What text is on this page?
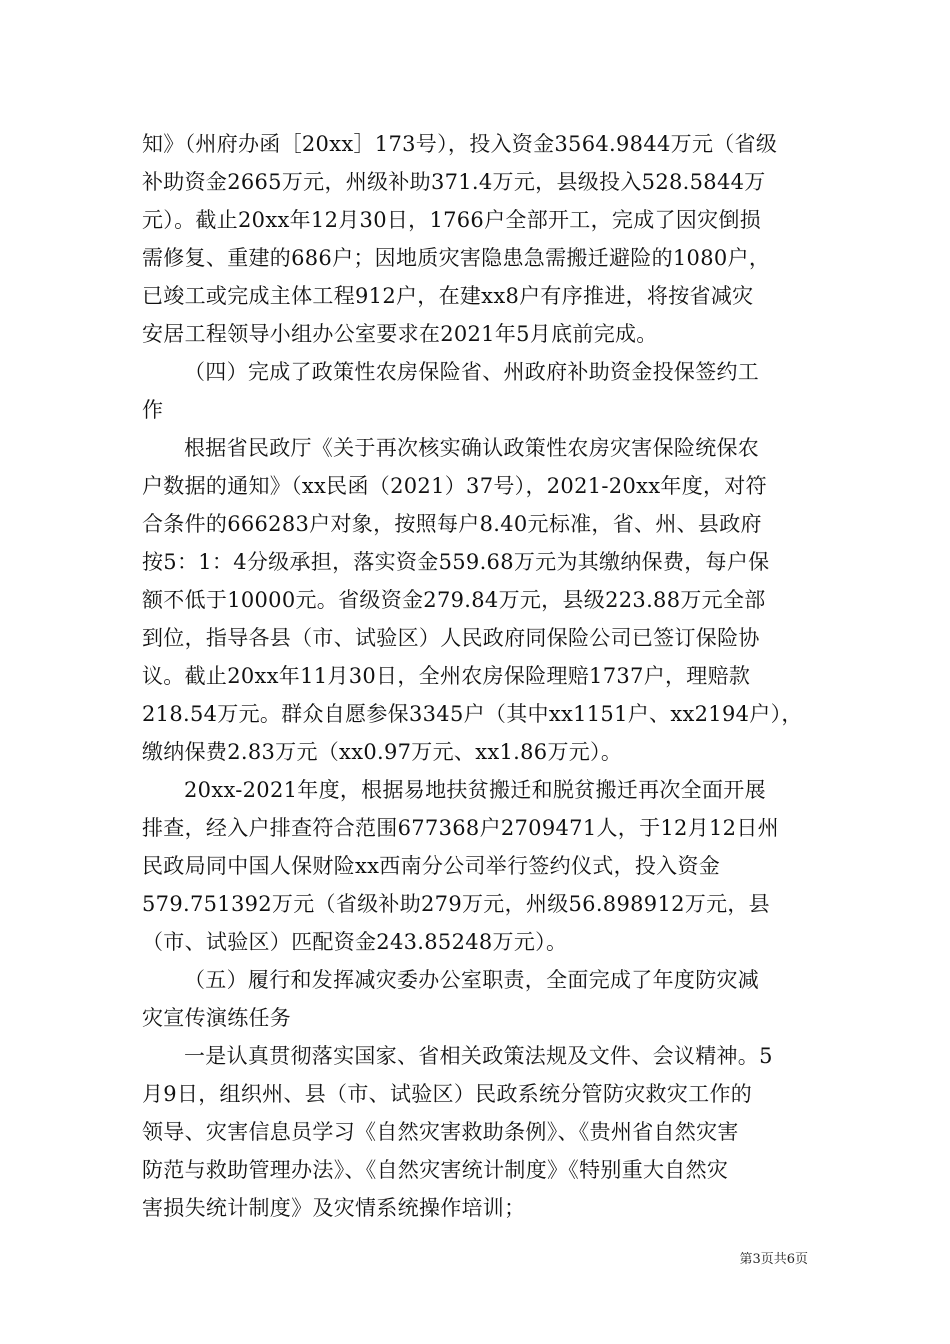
知》（州府办函［20xx］173号），投入资金3564.9844万元（省级
补助资金2665万元，州级补助371.4万元，县级投入528.5844万
元）。截止20xx年12月30日，1766户全部开工，完成了因灾倒损
需修复、重建的686户；因地质灾害隐患急需搬迁避险的1080户，
已竣工或完成主体工程912户，在建xx8户有序推进，将按省减灾
安居工程领导小组办公室要求在2021年5月底前完成。
（四）完成了政策性农房保险省、州政府补助资金投保签约工
作
根据省民政厅《关于再次核实确认政策性农房灾害保险统保农
户数据的通知》（xx民函（2021）37号），2021-20xx年度，对符
合条件的666283户对象，按照每户8.40元标准，省、州、县政府
按5：1：4分级承担，落实资金559.68万元为其缴纳保费，每户保
额不低于10000元。省级资金279.84万元，县级223.88万元全部
到位，指导各县（市、试验区）人民政府同保险公司已签订保险协
议。截止20xx年11月30日，全州农房保险理赔1737户，理赔款
218.54万元。群众自愿参保3345户（其中xx1151户、xx2194户），
缴纳保费2.83万元（xx0.97万元、xx1.86万元）。
20xx-2021年度，根据易地扶贫搬迁和脱贫搬迁再次全面开展
排查，经入户排查符合范围677368户2709471人，于12月12日州
民政局同中国人保财险xx西南分公司举行签约仪式，投入资金
579.751392万元（省级补助279万元，州级56.898912万元，县
（市、试验区）匹配资金243.85248万元）。
（五）履行和发挥减灾委办公室职责，全面完成了年度防灾减
灾宣传演练任务
一是认真贯彻落实国家、省相关政策法规及文件、会议精神。5
月9日，组织州、县（市、试验区）民政系统分管防灾救灾工作的
领导、灾害信息员学习《自然灾害救助条例》、《贵州省自然灾害
防范与救助管理办法》、《自然灾害统计制度》《特别重大自然灾
害损失统计制度》及灾情系统操作培训；
第3页共6页
